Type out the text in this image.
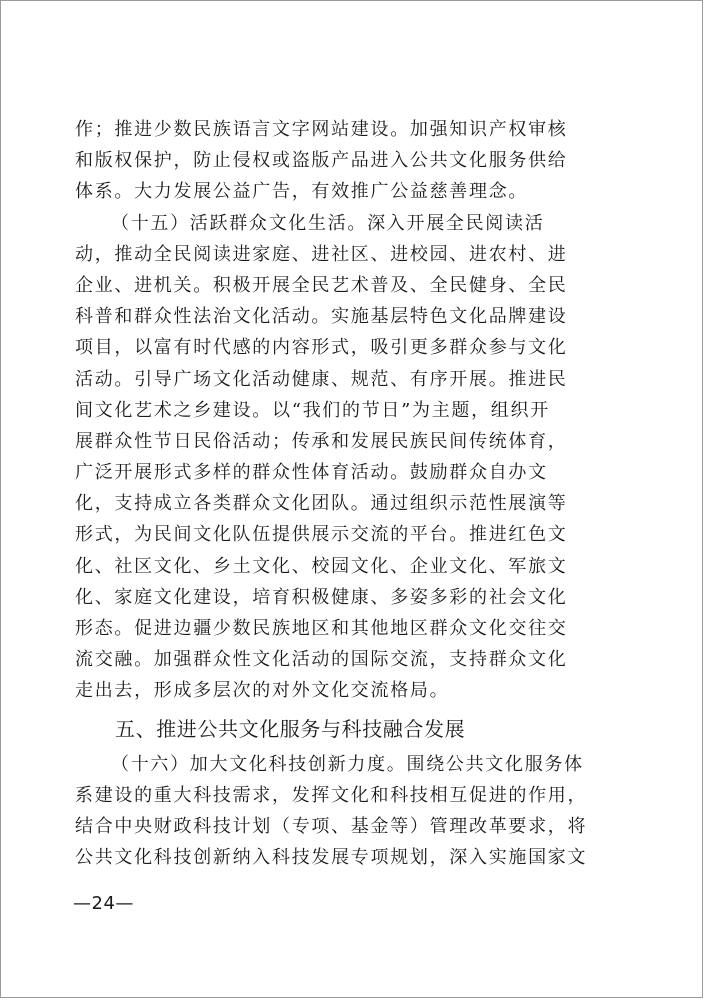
作；推进少数民族语言文字网站建设。加强知识产权审核
和版权保护，防止侵权或盗版产品进入公共文化服务供给
体系。大力发展公益广告，有效推广公益慈善理念。
（十五）活跃群众文化生活。深入开展全民阅读活
动，推动全民阅读进家庭、进社区、进校园、进农村、进
企业、进机关。积极开展全民艺术普及、全民健身、全民
科普和群众性法治文化活动。实施基层特色文化品牌建设
项目，以富有时代感的内容形式，吸引更多群众参与文化
活动。引导广场文化活动健康、规范、有序开展。推进民
间文化艺术之乡建设。以“我们的节日”为主题，组织开
展群众性节日民俗活动；传承和发展民族民间传统体育，
广泛开展形式多样的群众性体育活动。鼓励群众自办文
化，支持成立各类群众文化团队。通过组织示范性展演等
形式，为民间文化队伍提供展示交流的平台。推进红色文
化、社区文化、乡土文化、校园文化、企业文化、军旅文
化、家庭文化建设，培育积极健康、多姿多彩的社会文化
形态。促进边疆少数民族地区和其他地区群众文化交往交
流交融。加强群众性文化活动的国际交流，支持群众文化
走出去，形成多层次的对外文化交流格局。
五、推进公共文化服务与科技融合发展
（十六）加大文化科技创新力度。围绕公共文化服务体
系建设的重大科技需求，发挥文化和科技相互促进的作用，
结合中央财政科技计划（专项、基金等）管理改革要求，将
公共文化科技创新纳入科技发展专项规划，深入实施国家文
—24—
